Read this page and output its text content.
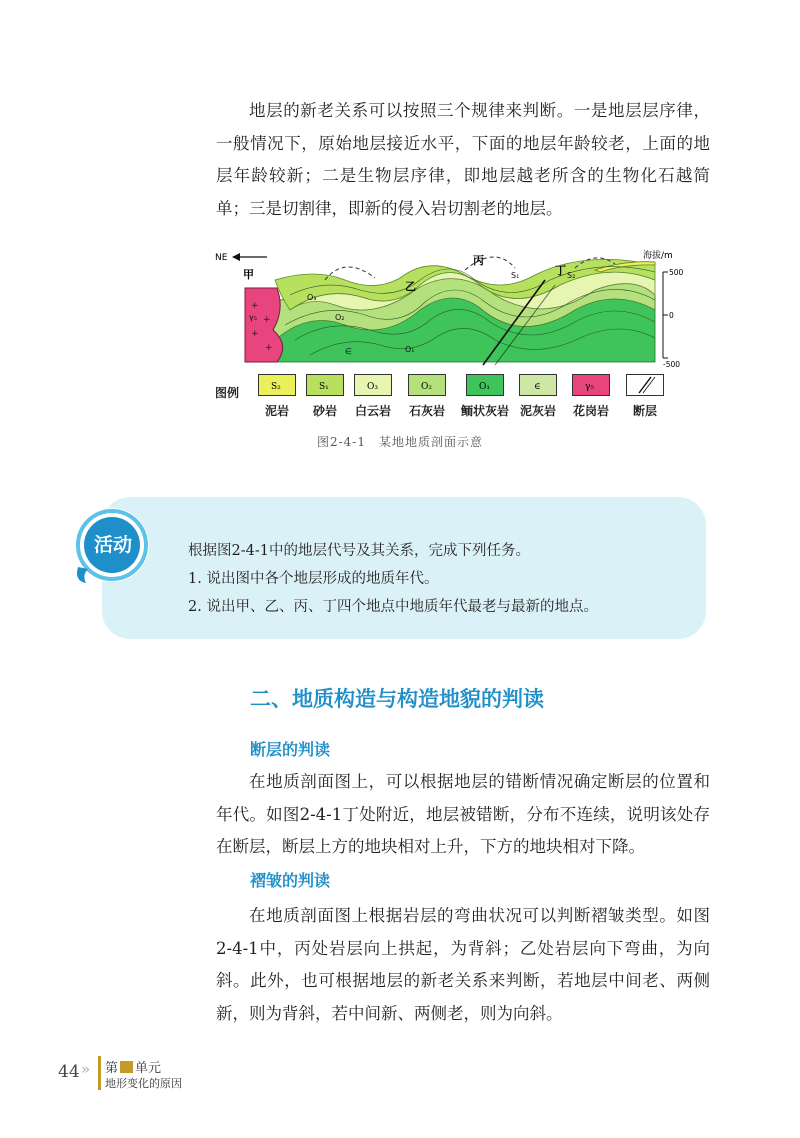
地层的新老关系可以按照三个规律来判断。一是地层层序律，一般情况下，原始地层接近水平，下面的地层年龄较老，上面的地层年龄较新；二是生物层序律，即地层越老所含的生物化石越简单；三是切割律，即新的侵入岩切割老的地层。

+
+
+
+
NE
甲
乙
丙
丁
S₁	S₂
O₃
O₂
O₁
∈
γ₅
海拔/m
500
0
-500
图例	S₂
泥岩
S₁
砂岩
O₃
白云岩
O₂
石灰岩
O₁
鲕状灰岩
∈
泥灰岩
γ₅
花岗岩	断层
图2-4-1　某地地质剖面示意
活动	根据图2-4-1中的地层代号及其关系，完成下列任务。

1. 说出图中各个地层形成的地质年代。

2. 说出甲、乙、丙、丁四个地点中地质年代最老与最新的地点。

二、地质构造与构造地貌的判读
断层的判读

在地质剖面图上，可以根据地层的错断情况确定断层的位置和年代。如图2-4-1丁处附近，地层被错断，分布不连续，说明该处存在断层，断层上方的地块相对上升，下方的地块相对下降。

褶皱的判读

在地质剖面图上根据岩层的弯曲状况可以判断褶皱类型。如图2-4-1中，丙处岩层向上拱起，为背斜；乙处岩层向下弯曲，为向斜。此外，也可根据地层的新老关系来判断，若地层中间老、两侧新，则为背斜，若中间新、两侧老，则为向斜。

44 » 第 单元
地形变化的原因
